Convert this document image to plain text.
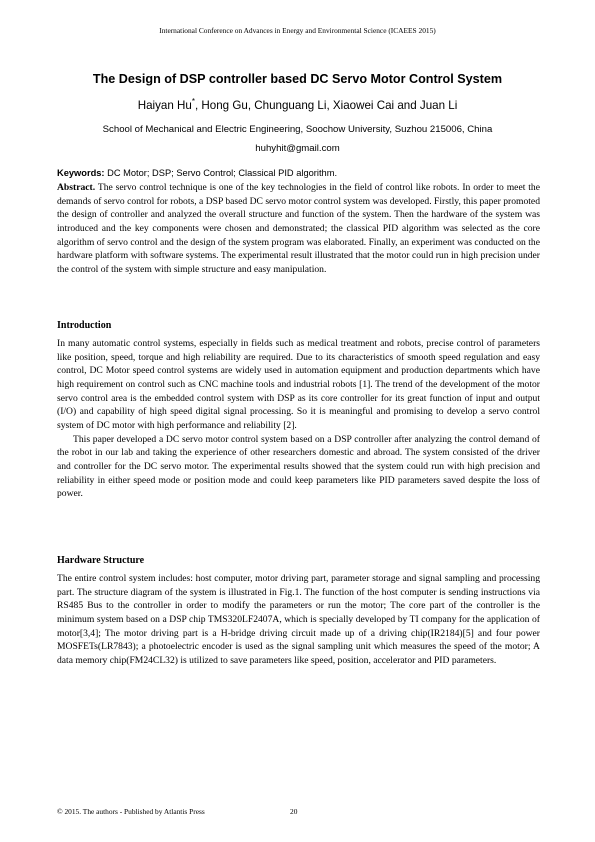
International Conference on Advances in Energy and Environmental Science (ICAEES 2015)
The Design of DSP controller based DC Servo Motor Control System
Haiyan Hu*, Hong Gu, Chunguang Li, Xiaowei Cai and Juan Li
School of Mechanical and Electric Engineering, Soochow University, Suzhou 215006, China
huhyhit@gmail.com
Keywords: DC Motor; DSP; Servo Control; Classical PID algorithm.

Abstract. The servo control technique is one of the key technologies in the field of control like robots. In order to meet the demands of servo control for robots, a DSP based DC servo motor control system was developed. Firstly, this paper promoted the design of controller and analyzed the overall structure and function of the system. Then the hardware of the system was introduced and the key components were chosen and demonstrated; the classical PID algorithm was selected as the core algorithm of servo control and the design of the system program was elaborated. Finally, an experiment was conducted on the hardware platform with software systems. The experimental result illustrated that the motor could run in high precision under the control of the system with simple structure and easy manipulation.

Introduction

In many automatic control systems, especially in fields such as medical treatment and robots, precise control of parameters like position, speed, torque and high reliability are required. Due to its characteristics of smooth speed regulation and easy control, DC Motor speed control systems are widely used in automation equipment and production departments which have high requirement on control such as CNC machine tools and industrial robots [1]. The trend of the development of the motor servo control area is the embedded control system with DSP as its core controller for its great function of input and output (I/O) and capability of high speed digital signal processing. So it is meaningful and promising to develop a servo control system of DC motor with high performance and reliability [2].

This paper developed a DC servo motor control system based on a DSP controller after analyzing the control demand of the robot in our lab and taking the experience of other researchers domestic and abroad. The system consisted of the driver and controller for the DC servo motor. The experimental results showed that the system could run with high precision and reliability in either speed mode or position mode and could keep parameters like PID parameters saved despite the loss of power.

Hardware Structure

The entire control system includes: host computer, motor driving part, parameter storage and signal sampling and processing part. The structure diagram of the system is illustrated in Fig.1. The function of the host computer is sending instructions via RS485 Bus to the controller in order to modify the parameters or run the motor; The core part of the controller is the minimum system based on a DSP chip TMS320LF2407A, which is specially developed by TI company for the application of motor[3,4]; The motor driving part is a H-bridge driving circuit made up of a driving chip(IR2184)[5] and four power MOSFETs(LR7843); a photoelectric encoder is used as the signal sampling unit which measures the speed of the motor; A data memory chip(FM24CL32) is utilized to save parameters like speed, position, accelerator and PID parameters.

© 2015. The authors - Published by Atlantis Press	20
